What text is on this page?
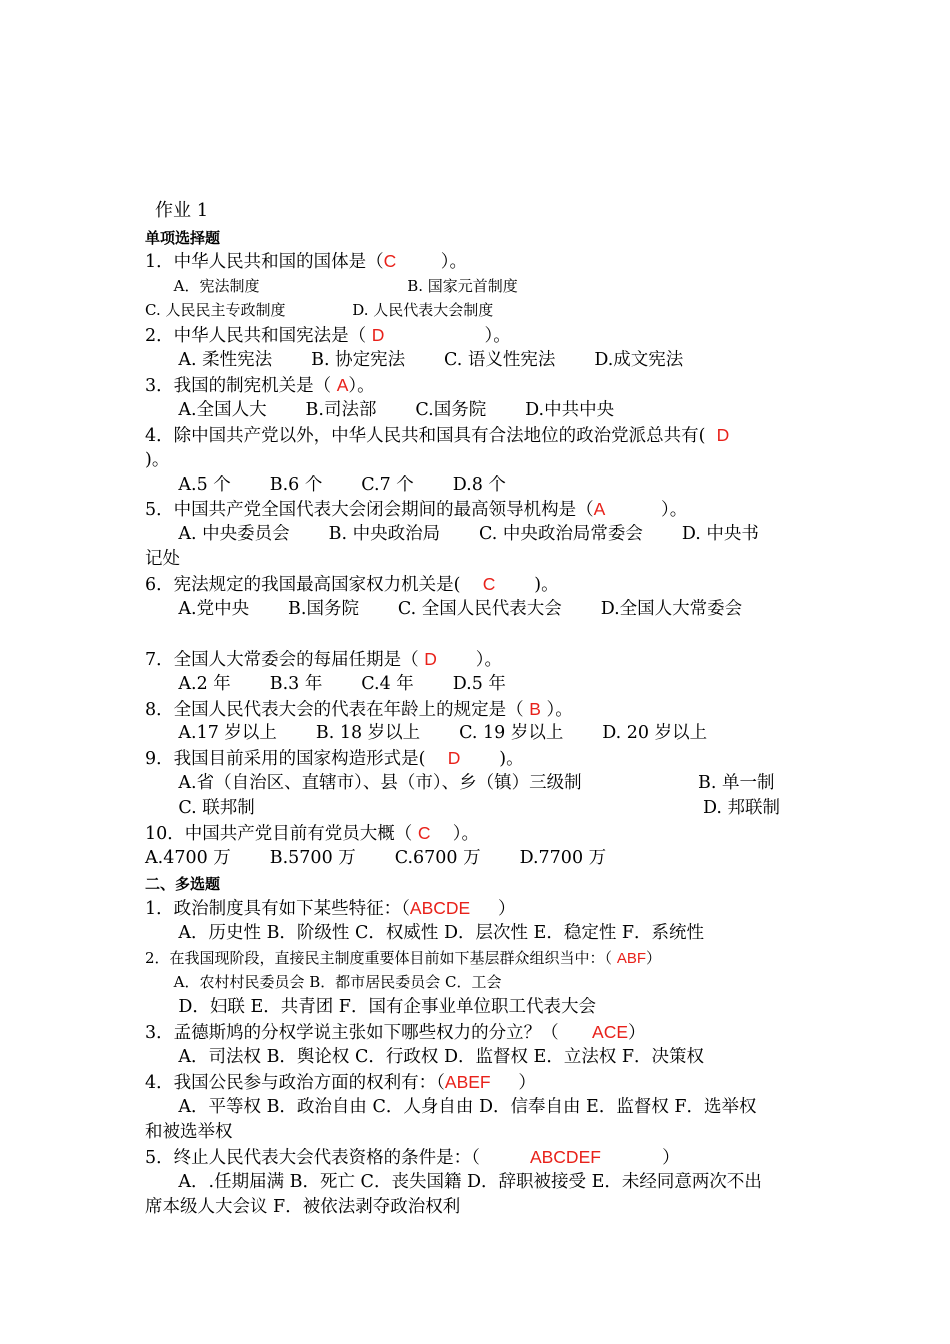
作业 1
单项选择题
1．中华人民共和国的国体是（C        ）。
A．宪法制度                               B. 国家元首制度
C. 人民民主专政制度              D. 人民代表大会制度
2．中华人民共和国宪法是（ D                  ）。
A. 柔性宪法       B. 协定宪法       C. 语义性宪法       D.成文宪法
3．我国的制宪机关是（ A）。
A.全国人大       B.司法部       C.国务院       D.中共中央
4．除中国共产党以外，中华人民共和国具有合法地位的政治党派总共有(  D
)。
A.5 个       B.6 个       C.7 个       D.8 个
5．中国共产党全国代表大会闭会期间的最高领导机构是（A          ）。
A. 中央委员会       B. 中央政治局       C. 中央政治局常委会       D. 中央书
记处
6．宪法规定的我国最高国家权力机关是(    C       )。
A.党中央       B.国务院       C. 全国人民代表大会       D.全国人大常委会
7．全国人大常委会的每届任期是（ D       ）。
A.2 年       B.3 年       C.4 年       D.5 年
8．全国人民代表大会的代表在年龄上的规定是（ B ）。
A.17 岁以上       B. 18 岁以上       C. 19 岁以上       D. 20 岁以上
9．我国目前采用的国家构造形式是(    D       )。
A.省（自治区、直辖市）、县（市）、乡（镇）三级制	B. 单一制
C. 联邦制	D. 邦联制
10．中国共产党目前有党员大概（ C    ）。
A.4700 万       B.5700 万       C.6700 万       D.7700 万
二、多选题
1．政治制度具有如下某些特征：（ABCDE     ）
A．历史性 B．阶级性 C．权威性 D．层次性 E．稳定性 F．系统性
2．在我国现阶段，直接民主制度重要体目前如下基层群众组织当中：（ ABF）
A．农村村民委员会 B．都市居民委员会 C．工会
D．妇联 E．共青团 F．国有企事业单位职工代表大会
3．孟德斯鸠的分权学说主张如下哪些权力的分立？（      ACE）
A．司法权 B．舆论权 C．行政权 D．监督权 E．立法权 F．决策权
4．我国公民参与政治方面的权利有：（ABEF     ）
A．平等权 B．政治自由 C．人身自由 D．信奉自由 E．监督权 F．选举权
和被选举权
5．终止人民代表大会代表资格的条件是：（         ABCDEF           ）
A．.任期届满 B．死亡 C．丧失国籍 D．辞职被接受 E．未经同意两次不出
席本级人大会议 F．被依法剥夺政治权利
